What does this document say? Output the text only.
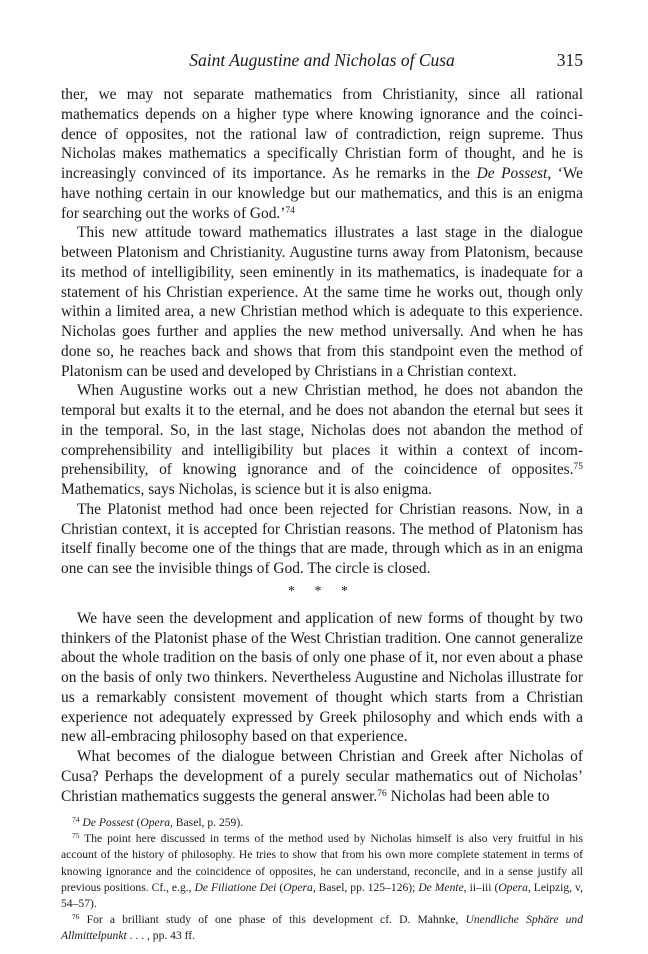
Saint Augustine and Nicholas of Cusa	315

ther, we may not separate mathematics from Christianity, since all rational mathematics depends on a higher type where knowing ignorance and the coincidence of opposites, not the rational law of contradiction, reign supreme. Thus Nicholas makes mathematics a specifically Christian form of thought, and he is increasingly convinced of its importance. As he remarks in the De Possest, ‘We have nothing certain in our knowledge but our mathematics, and this is an enigma for searching out the works of God.’$^{74}$

This new attitude toward mathematics illustrates a last stage in the dialogue between Platonism and Christianity. Augustine turns away from Platonism, because its method of intelligibility, seen eminently in its mathematics, is inadequate for a statement of his Christian experience. At the same time he works out, though only within a limited area, a new Christian method which is adequate to this experience. Nicholas goes further and applies the new method universally. And when he has done so, he reaches back and shows that from this standpoint even the method of Platonism can be used and developed by Christians in a Christian context.

When Augustine works out a new Christian method, he does not abandon the temporal but exalts it to the eternal, and he does not abandon the eternal but sees it in the temporal. So, in the last stage, Nicholas does not abandon the method of comprehensibility and intelligibility but places it within a context of incomprehensibility, of knowing ignorance and of the coincidence of opposites.$^{75}$ Mathematics, says Nicholas, is science but it is also enigma.

The Platonist method had once been rejected for Christian reasons. Now, in a Christian context, it is accepted for Christian reasons. The method of Platonism has itself finally become one of the things that are made, through which as in an enigma one can see the invisible things of God. The circle is closed.

* * *

We have seen the development and application of new forms of thought by two thinkers of the Platonist phase of the West Christian tradition. One cannot generalize about the whole tradition on the basis of only one phase of it, nor even about a phase on the basis of only two thinkers. Nevertheless Augustine and Nicholas illustrate for us a remarkably consistent movement of thought which starts from a Christian experience not adequately expressed by Greek philosophy and which ends with a new all-embracing philosophy based on that experience.

What becomes of the dialogue between Christian and Greek after Nicholas of Cusa? Perhaps the development of a purely secular mathematics out of Nicholas’ Christian mathematics suggests the general answer.$^{76}$ Nicholas had been able to

$^{74}$ De Possest (Opera, Basel, p. 259).

$^{75}$ The point here discussed in terms of the method used by Nicholas himself is also very fruitful in his account of the history of philosophy. He tries to show that from his own more complete statement in terms of knowing ignorance and the coincidence of opposites, he can understand, reconcile, and in a sense justify all previous positions. Cf., e.g., De Filiatione Dei (Opera, Basel, pp. 125–126); De Mente, ii–iii (Opera, Leipzig, v, 54–57).

$^{76}$ For a brilliant study of one phase of this development cf. D. Mahnke, Unendliche Sphäre und Allmittelpunkt . . . , pp. 43 ff.
